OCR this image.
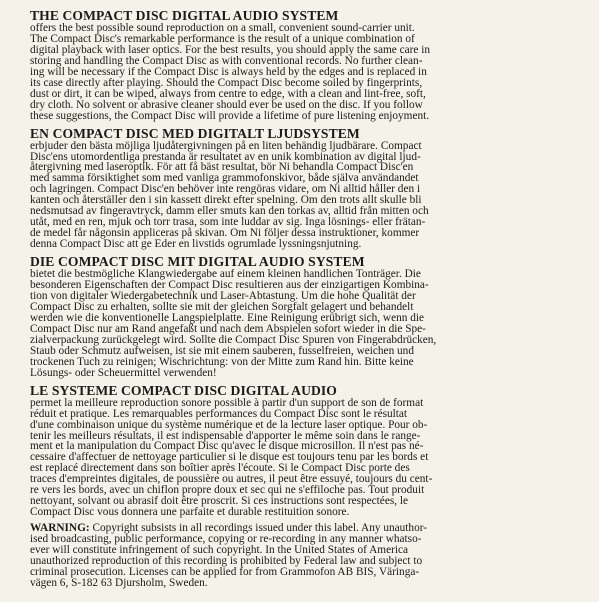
THE COMPACT DISC DIGITAL AUDIO SYSTEM
offers the best possible sound reproduction on a small, convenient sound-carrier unit.
The Compact Disc's remarkable performance is the result of a unique combination of
digital playback with laser optics. For the best results, you should apply the same care in
storing and handling the Compact Disc as with conventional records. No further clean-
ing will be necessary if the Compact Disc is always held by the edges and is replaced in
its case directly after playing. Should the Compact Disc become soiled by fingerprints,
dust or dirt, it can be wiped, always from centre to edge, with a clean and lint-free, soft,
dry cloth. No solvent or abrasive cleaner should ever be used on the disc. If you follow
these suggestions, the Compact Disc will provide a lifetime of pure listening enjoyment.
EN COMPACT DISC MED DIGITALT LJUDSYSTEM
erbjuder den bästa möjliga ljudåtergivningen på en liten behändig ljudbärare. Compact
Disc'ens utomordentliga prestanda är resultatet av en unik kombination av digital ljud-
återgivning med laseroptik. För att få bäst resultat, bör Ni behandla Compact Disc'en
med samma försiktighet som med vanliga grammofonskivor, både själva användandet
och lagringen. Compact Disc'en behöver inte rengöras vidare, om Ni alltid håller den i
kanten och återställer den i sin kassett direkt efter spelning. Om den trots allt skulle bli
nedsmutsad av fingeravtryck, damm eller smuts kan den torkas av, alltid från mitten och
utåt, med en ren, mjuk och torr trasa, som inte luddar av sig. Inga lösnings- eller frätan-
de medel får någonsin appliceras på skivan. Om Ni följer dessa instruktioner, kommer
denna Compact Disc att ge Eder en livstids ogrumlade lyssningsnjutning.
DIE COMPACT DISC MIT DIGITAL AUDIO SYSTEM
bietet die bestmögliche Klangwiedergabe auf einem kleinen handlichen Tonträger. Die
besonderen Eigenschaften der Compact Disc resultieren aus der einzigartigen Kombina-
tion von digitaler Wiedergabetechnik und Laser-Abtastung. Um die hohe Qualität der
Compact Disc zu erhalten, sollte sie mit der gleichen Sorgfalt gelagert und behandelt
werden wie die konventionelle Langspielplatte. Eine Reinigung erübrigt sich, wenn die
Compact Disc nur am Rand angefaßt und nach dem Abspielen sofort wieder in die Spe-
zialverpackung zurückgelegt wird. Sollte die Compact Disc Spuren von Fingerabdrücken,
Staub oder Schmutz aufweisen, ist sie mit einem sauberen, fusselfreien, weichen und
trockenen Tuch zu reinigen; Wischrichtung: von der Mitte zum Rand hin. Bitte keine
Lösungs- oder Scheuermittel verwenden!
LE SYSTEME COMPACT DISC DIGITAL AUDIO
permet la meilleure reproduction sonore possible à partir d'un support de son de format
réduit et pratique. Les remarquables performances du Compact Disc sont le résultat
d'une combinaison unique du système numérique et de la lecture laser optique. Pour ob-
tenir les meilleurs résultats, il est indispensable d'apporter le même soin dans le range-
ment et la manipulation du Compact Disc qu'avec le disque microsillon. Il n'est pas né-
cessaire d'affectuer de nettoyage particulier si le disque est toujours tenu par les bords et
est replacé directement dans son boîtier après l'écoute. Si le Compact Disc porte des
traces d'empreintes digitales, de poussière ou autres, il peut être essuyé, toujours du cent-
re vers les bords, avec un chiflon propre doux et sec qui ne s'effiloche pas. Tout produit
nettoyant, solvant ou abrasif doit être proscrit. Si ces instructions sont respectées, le
Compact Disc vous donnera une parfaite et durable restituition sonore.
WARNING: Copyright subsists in all recordings issued under this label. Any unauthor-
ised broadcasting, public performance, copying or re-recording in any manner whatso-
ever will constitute infringement of such copyright. In the United States of America
unauthorized reproduction of this recording is prohibited by Federal law and subject to
criminal prosecution. Licenses can be applied for from Grammofon AB BIS, Väringa-
vägen 6, S-182 63 Djursholm, Sweden.
